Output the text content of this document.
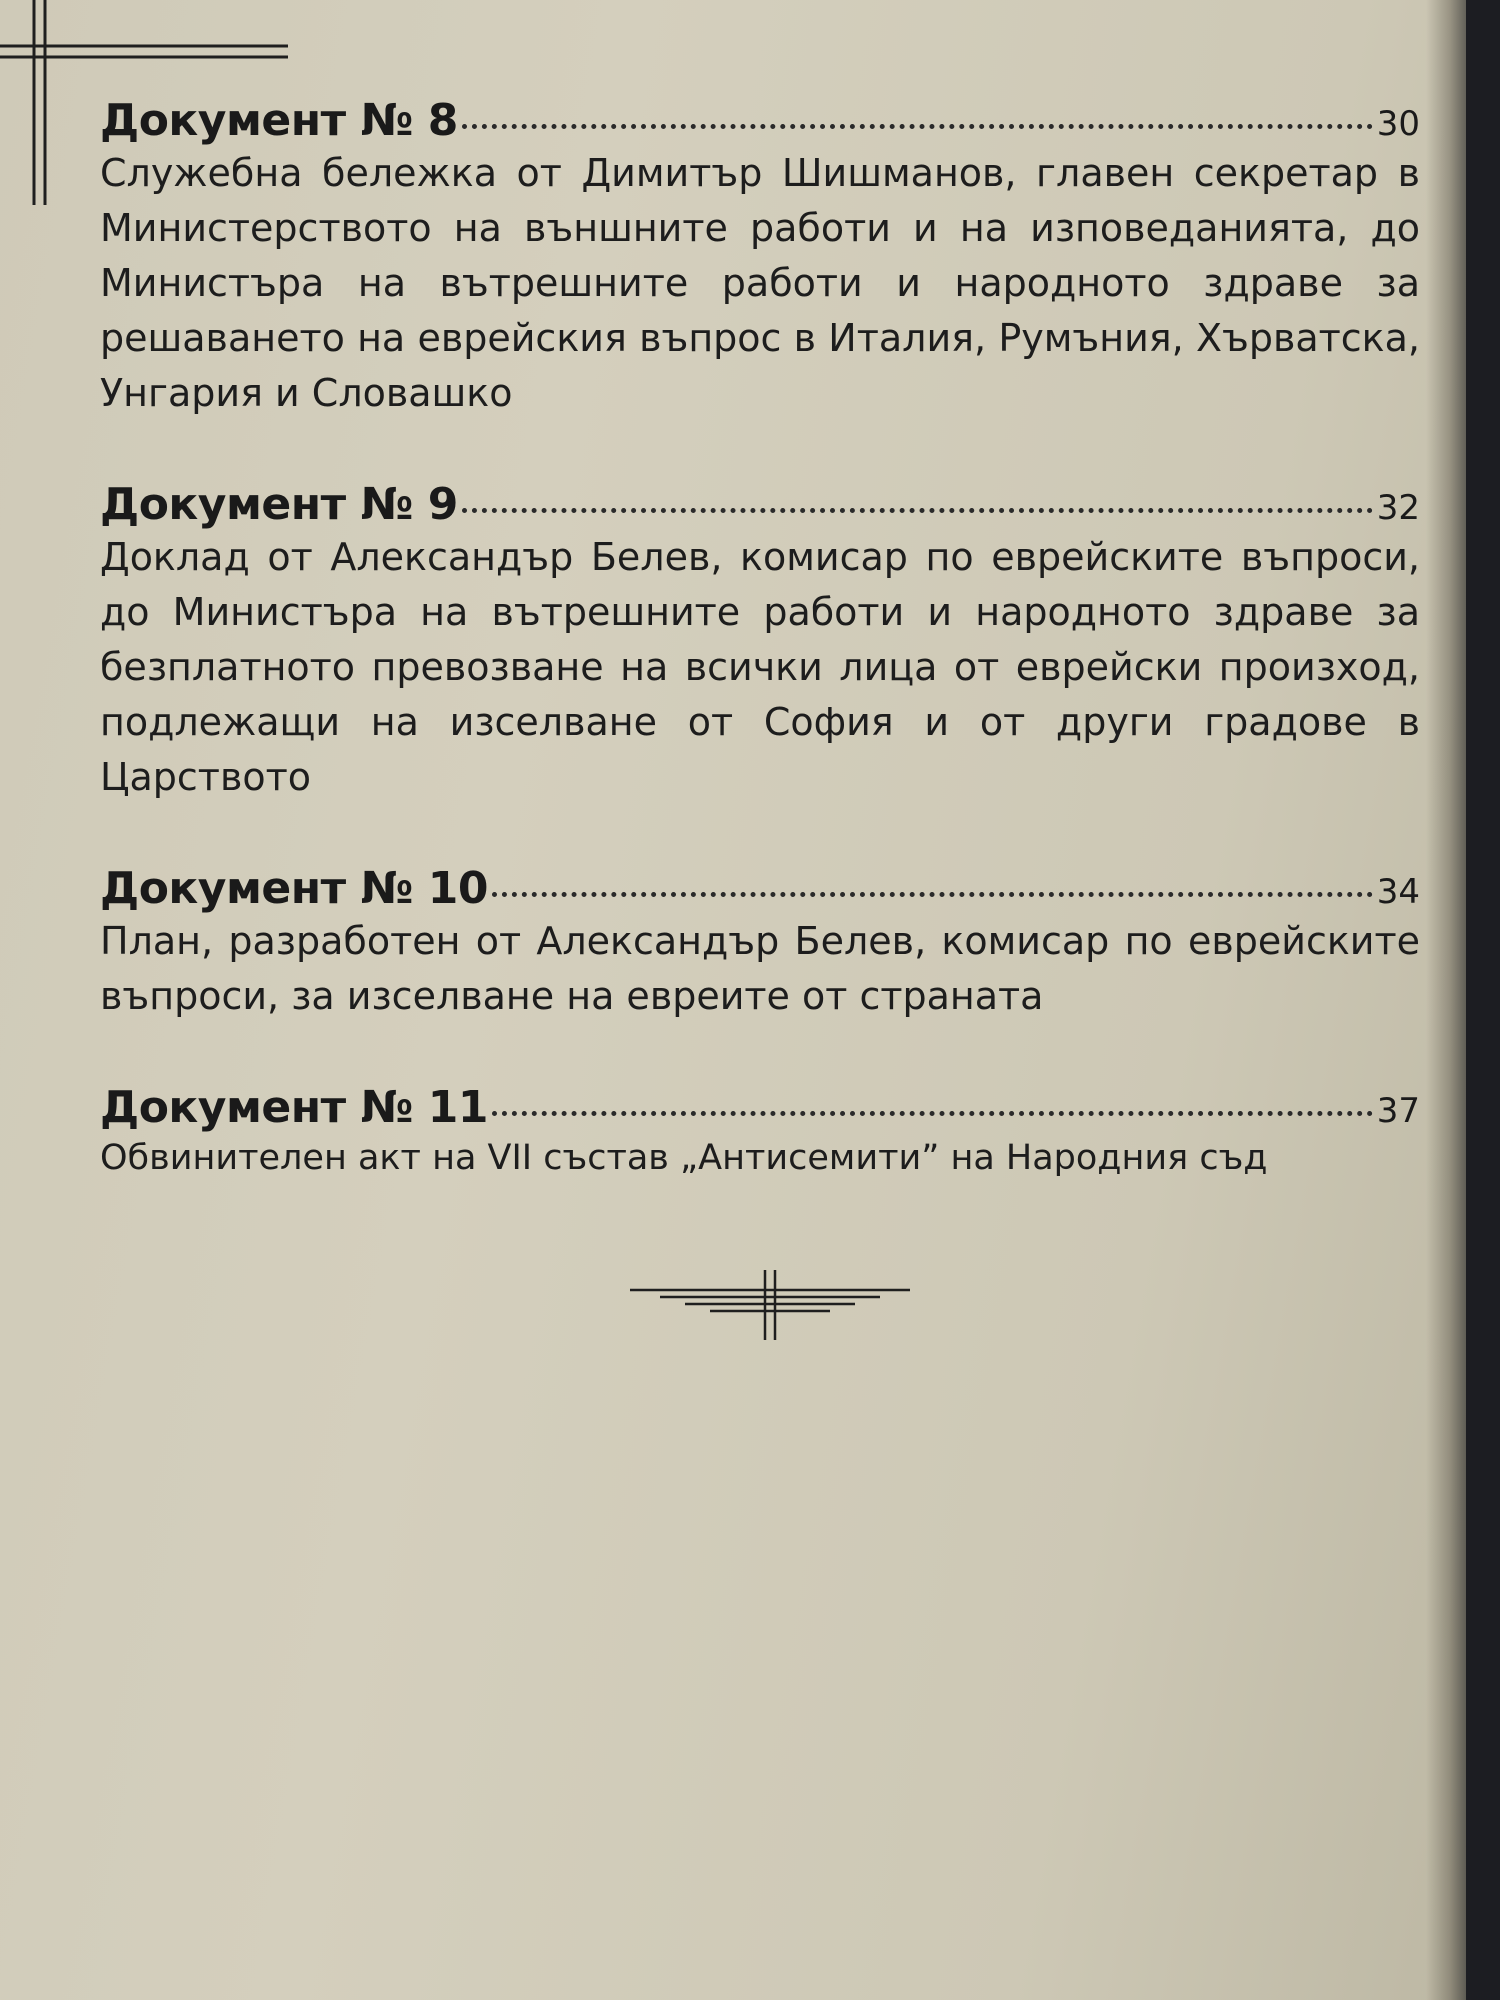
Документ № 8	30
Служебна бележка от Димитър Шишманов, главен секретар в Министерството на външните работи и на изповеданията, до Министъра на вътрешните работи и народното здраве за решаването на еврейския въпрос в Италия, Румъния, Хърватска, Унгария и Словашко
Документ № 9	32
Доклад от Александър Белев, комисар по еврейските въпроси, до Министъра на вътрешните работи и народното здраве за безплатното превозване на всички лица от еврейски произход, подлежащи на изселване от София и от други градове в Царството
Документ № 10	34
План, разработен от Александър Белев, комисар по еврейските въпроси, за изселване на евреите от страната
Документ № 11	37
Обвинителен акт на VII състав „Антисемити” на Народния съд
